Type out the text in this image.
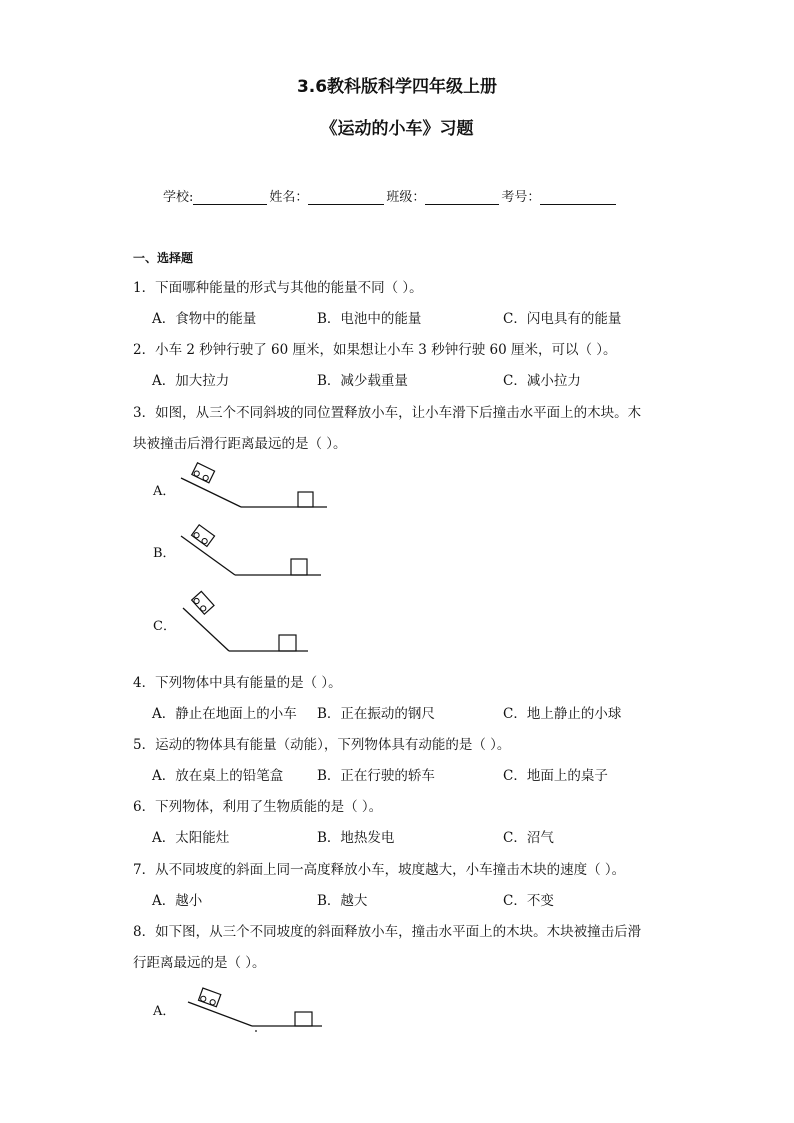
3.6教科版科学四年级上册
《运动的小车》习题
学校:	姓名：	班级：	考号：
一、选择题
1．下面哪种能量的形式与其他的能量不同（ ）。
A．食物中的能量	B．电池中的能量	C．闪电具有的能量
2．小车 2 秒钟行驶了 60 厘米，如果想让小车 3 秒钟行驶 60 厘米，可以（ ）。
A．加大拉力	B．减少载重量	C．减小拉力
3．如图，从三个不同斜坡的同位置释放小车，让小车滑下后撞击水平面上的木块。木
块被撞击后滑行距离最远的是（ ）。
A．
B．
C．
4．下列物体中具有能量的是（ ）。
A．静止在地面上的小车 B．正在振动的钢尺	C．地上静止的小球
5．运动的物体具有能量（动能），下列物体具有动能的是（ ）。
A．放在桌上的铅笔盒	B．正在行驶的轿车	C．地面上的桌子
6．下列物体，利用了生物质能的是（ ）。
A．太阳能灶	B．地热发电	C．沼气
7．从不同坡度的斜面上同一高度释放小车，坡度越大，小车撞击木块的速度（ ）。
A．越小	B．越大	C．不变
8．如下图，从三个不同坡度的斜面释放小车，撞击水平面上的木块。木块被撞击后滑
行距离最远的是（ ）。
A．
